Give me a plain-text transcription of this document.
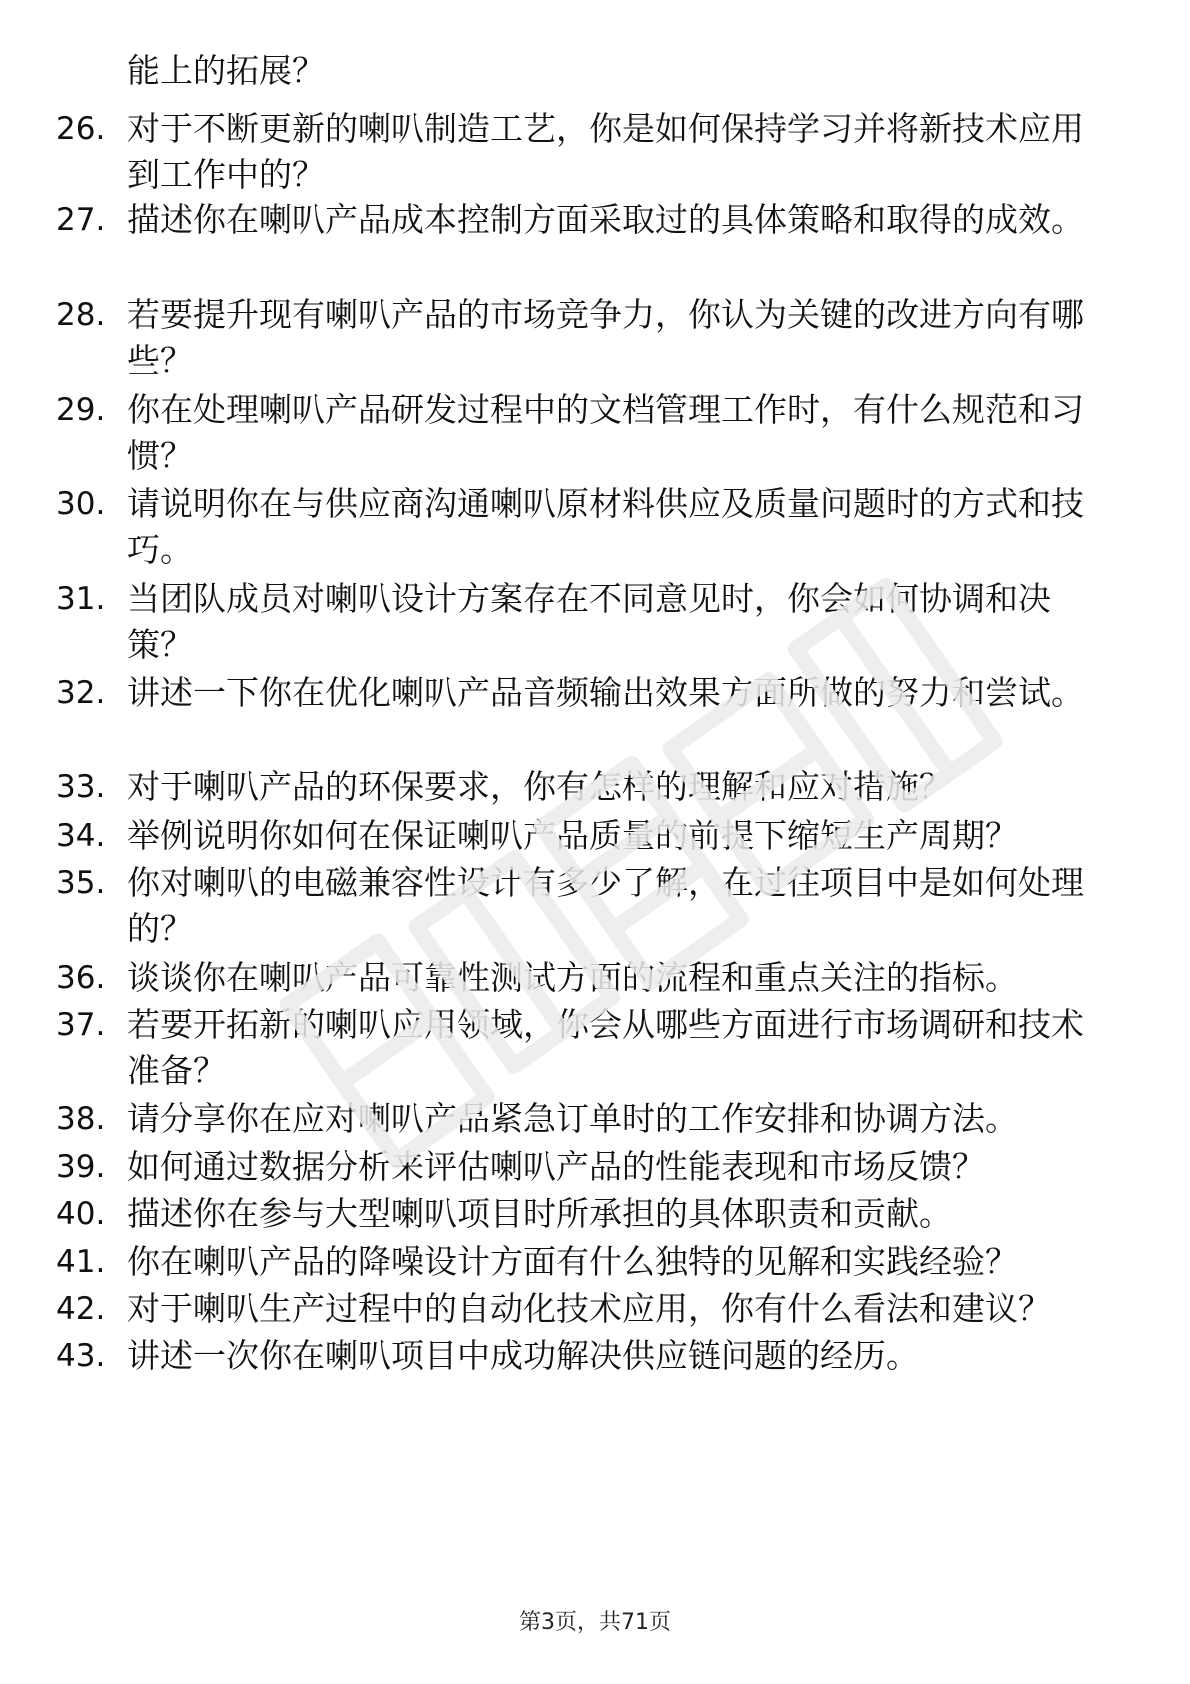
能上的拓展？

26. 对于不断更新的喇叭制造工艺，你是如何保持学习并将新技术应用到工作中的？

27. 描述你在喇叭产品成本控制方面采取过的具体策略和取得的成效。

28. 若要提升现有喇叭产品的市场竞争力，你认为关键的改进方向有哪些？

29. 你在处理喇叭产品研发过程中的文档管理工作时，有什么规范和习惯？

30. 请说明你在与供应商沟通喇叭原材料供应及质量问题时的方式和技巧。

31. 当团队成员对喇叭设计方案存在不同意见时，你会如何协调和决策？

32. 讲述一下你在优化喇叭产品音频输出效果方面所做的努力和尝试。

33. 对于喇叭产品的环保要求，你有怎样的理解和应对措施？

34. 举例说明你如何在保证喇叭产品质量的前提下缩短生产周期？

35. 你对喇叭的电磁兼容性设计有多少了解，在过往项目中是如何处理的？

36. 谈谈你在喇叭产品可靠性测试方面的流程和重点关注的指标。

37. 若要开拓新的喇叭应用领域，你会从哪些方面进行市场调研和技术准备？

38. 请分享你在应对喇叭产品紧急订单时的工作安排和协调方法。

39. 如何通过数据分析来评估喇叭产品的性能表现和市场反馈？

40. 描述你在参与大型喇叭项目时所承担的具体职责和贡献。

41. 你在喇叭产品的降噪设计方面有什么独特的见解和实践经验？

42. 对于喇叭生产过程中的自动化技术应用，你有什么看法和建议？

43. 讲述一次你在喇叭项目中成功解决供应链问题的经历。

第3页，共71页
